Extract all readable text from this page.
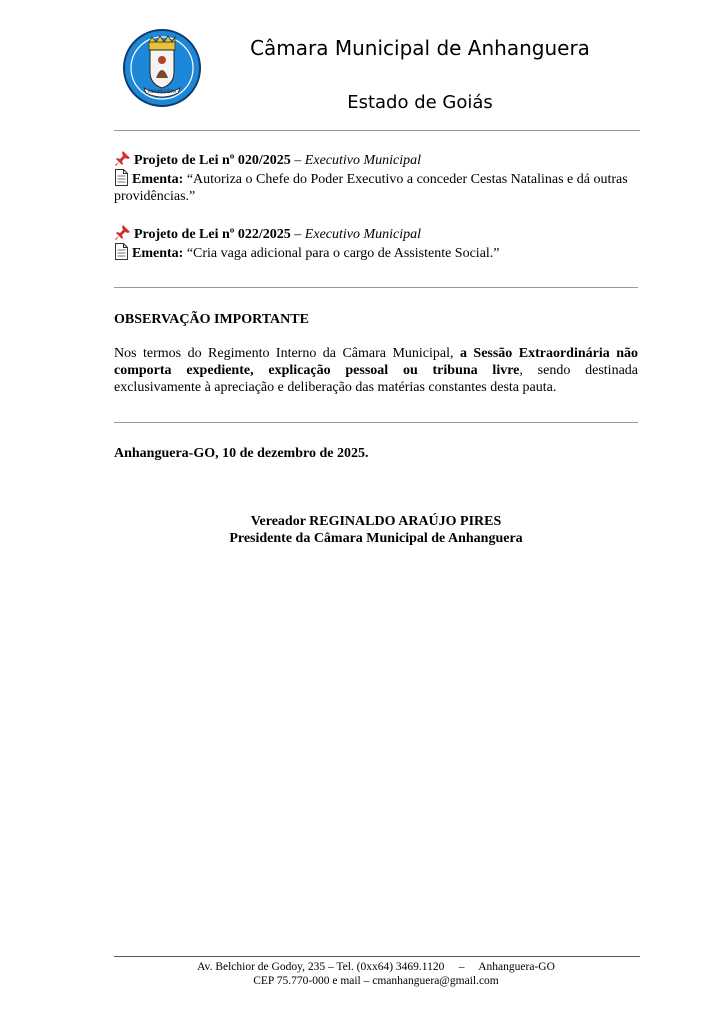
ANHANGUERA
Câmara Municipal de Anhanguera
Estado de Goiás
Projeto de Lei nº 020/2025 – Executivo Municipal
Ementa: “Autoriza o Chefe do Poder Executivo a conceder Cestas Natalinas e dá outras providências.”
Projeto de Lei nº 022/2025 – Executivo Municipal
Ementa: “Cria vaga adicional para o cargo de Assistente Social.”
OBSERVAÇÃO IMPORTANTE
Nos termos do Regimento Interno da Câmara Municipal, a Sessão Extraordinária não comporta expediente, explicação pessoal ou tribuna livre, sendo destinada exclusivamente à apreciação e deliberação das matérias constantes desta pauta.
Anhanguera-GO, 10 de dezembro de 2025.
Vereador REGINALDO ARAÚJO PIRES
Presidente da Câmara Municipal de Anhanguera
Av. Belchior de Godoy, 235 – Tel. (0xx64) 3469.1120     –     Anhanguera-GO
CEP 75.770-000 e mail – cmanhanguera@gmail.com
